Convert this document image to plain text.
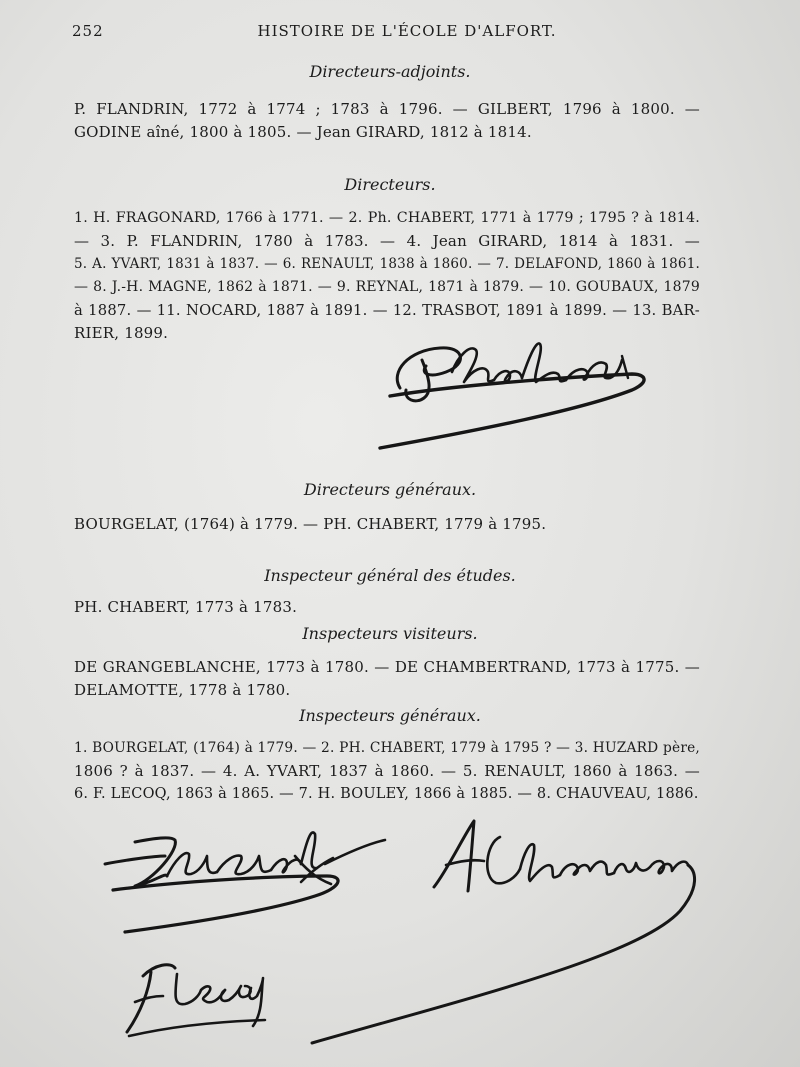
252	HISTOIRE DE L'ÉCOLE D'ALFORT.
Directeurs-adjoints.
P. FLANDRIN, 1772 à 1774 ; 1783 à 1796. — GILBERT, 1796 à 1800. —
GODINE aîné, 1800 à 1805. — Jean GIRARD, 1812 à 1814.
Directeurs.
1. H. FRAGONARD, 1766 à 1771. — 2. Ph. CHABERT, 1771 à 1779 ; 1795 ? à 1814.
— 3. P. FLANDRIN, 1780 à 1783. — 4. Jean GIRARD, 1814 à 1831. —
5. A. YVART, 1831 à 1837. — 6. RENAULT, 1838 à 1860. — 7. DELAFOND, 1860 à 1861.
— 8. J.-H. MAGNE, 1862 à 1871. — 9. REYNAL, 1871 à 1879. — 10. GOUBAUX, 1879
à 1887. — 11. NOCARD, 1887 à 1891. — 12. TRASBOT, 1891 à 1899. — 13. BAR-
RIER, 1899.
Directeurs généraux.
BOURGELAT, (1764) à 1779. — PH. CHABERT, 1779 à 1795.
Inspecteur général des études.
PH. CHABERT, 1773 à 1783.
Inspecteurs visiteurs.
DE GRANGEBLANCHE, 1773 à 1780. — DE CHAMBERTRAND, 1773 à 1775. —
DELAMOTTE, 1778 à 1780.
Inspecteurs généraux.
1. BOURGELAT, (1764) à 1779. — 2. PH. CHABERT, 1779 à 1795 ? — 3. HUZARD père,
1806 ? à 1837. — 4. A. YVART, 1837 à 1860. — 5. RENAULT, 1860 à 1863. —
6. F. LECOQ, 1863 à 1865. — 7. H. BOULEY, 1866 à 1885. — 8. CHAUVEAU, 1886.
